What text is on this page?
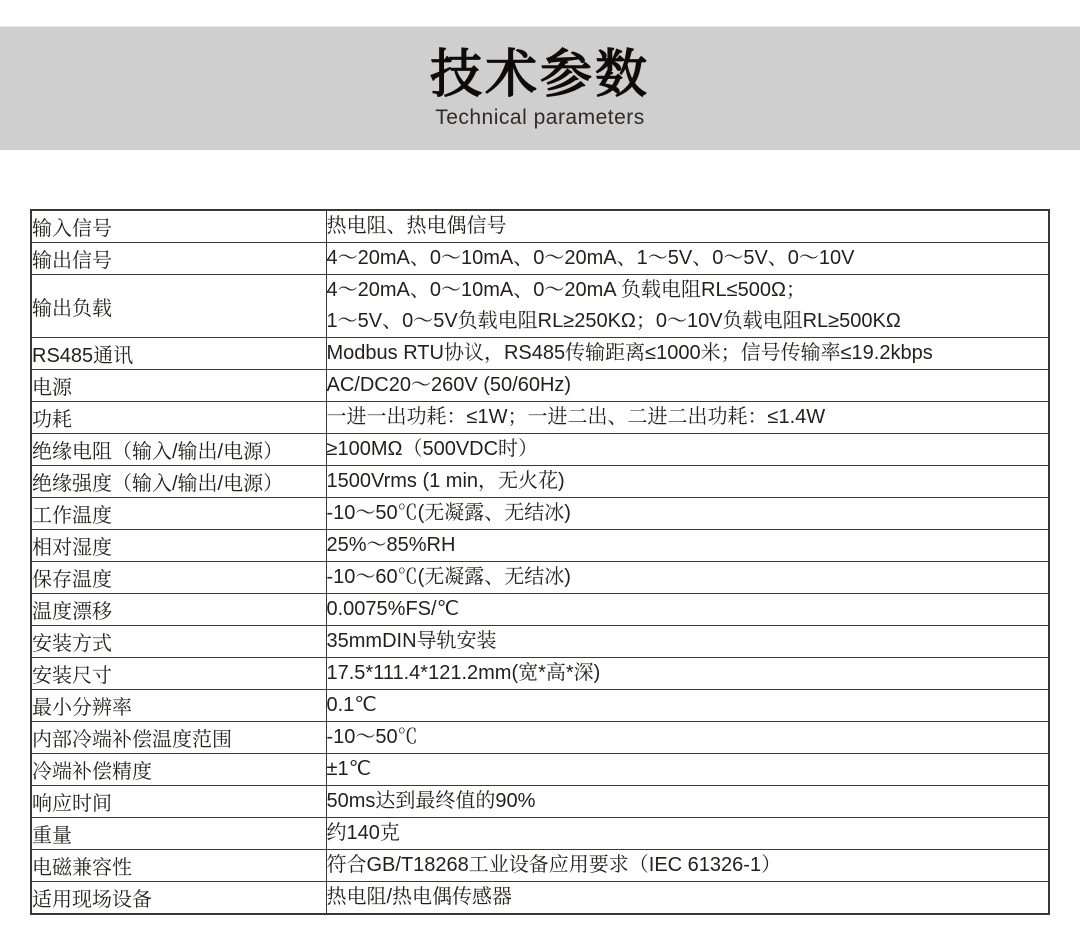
技术参数
Technical parameters
输入信号	热电阻、热电偶信号

输出信号	4～20mA、0～10mA、0～20mA、1～5V、0～5V、0～10V

输出负载	4～20mA、0～10mA、0～20mA 负载电阻RL≤500Ω；
1～5V、0～5V负载电阻RL≥250KΩ；0～10V负载电阻RL≥500KΩ

RS485通讯	Modbus RTU协议，RS485传输距离≤1000米；信号传输率≤19.2kbps

电源	AC/DC20～260V (50/60Hz)

功耗	一进一出功耗：≤1W；一进二出、二进二出功耗：≤1.4W

绝缘电阻（输入/输出/电源）	≥100MΩ（500VDC时）

绝缘强度（输入/输出/电源）	1500Vrms (1 min，无火花)

工作温度	-10～50℃(无凝露、无结冰)

相对湿度	25%～85%RH

保存温度	-10～60℃(无凝露、无结冰)

温度漂移	0.0075%FS/℃

安装方式	35mmDIN导轨安装

安装尺寸	17.5*111.4*121.2mm(宽*高*深)

最小分辨率	0.1℃

内部冷端补偿温度范围	-10～50℃

冷端补偿精度	±1℃

响应时间	50ms达到最终值的90%

重量	约140克

电磁兼容性	符合GB/T18268工业设备应用要求（IEC 61326-1）

适用现场设备	热电阻/热电偶传感器
